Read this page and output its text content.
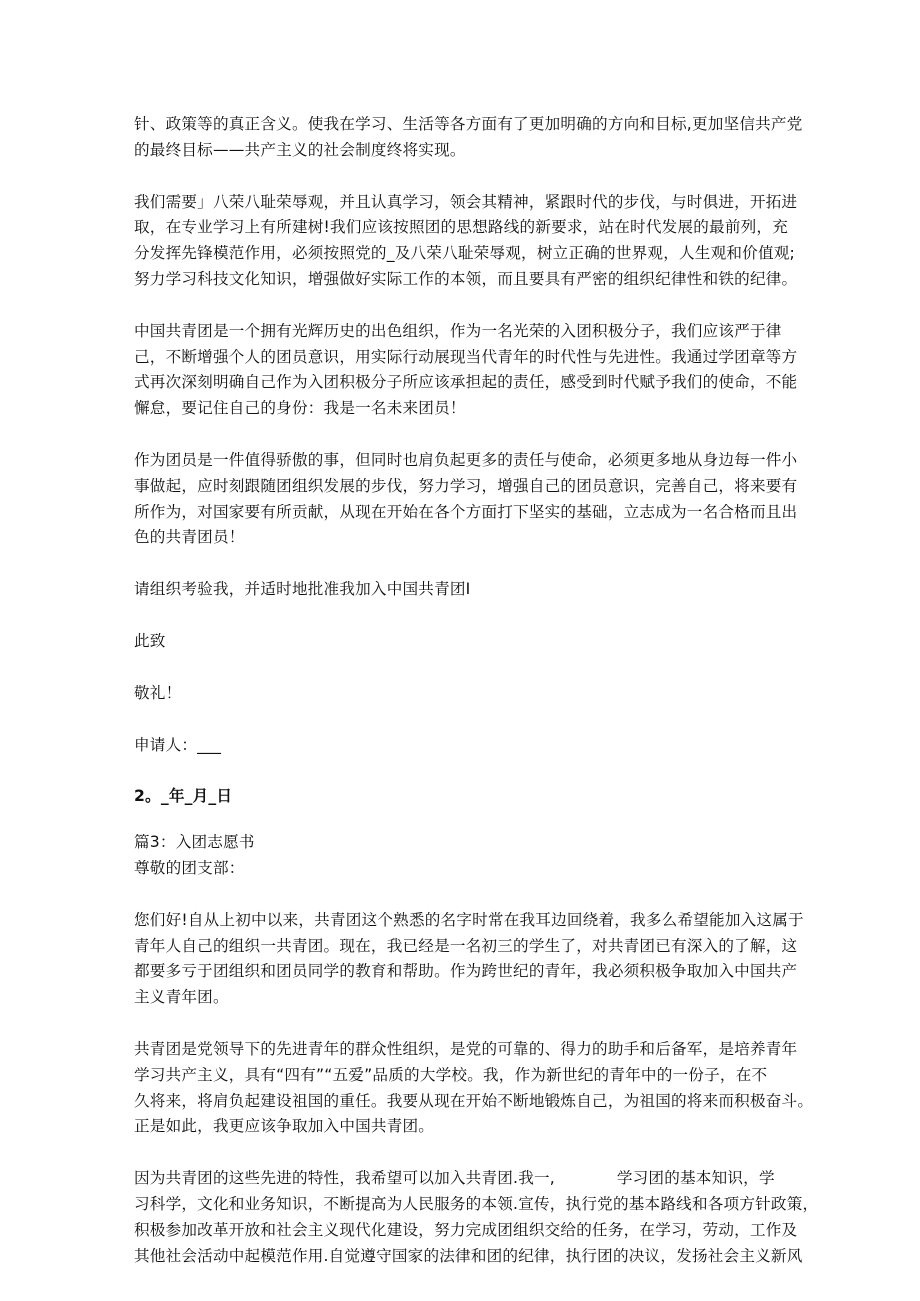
针、政策等的真正含义。使我在学习、生活等各方面有了更加明确的方向和目标,更加坚信共产党
的最终目标——共产主义的社会制度终将实现。
我们需要」八荣八耻荣辱观，并且认真学习，领会其精神，紧跟时代的步伐，与时俱进，开拓进
取，在专业学习上有所建树!我们应该按照团的思想路线的新要求，站在时代发展的最前列，充
分发挥先锋模范作用，必须按照党的_及八荣八耻荣辱观，树立正确的世界观，人生观和价值观;
努力学习科技文化知识，增强做好实际工作的本领，而且要具有严密的组织纪律性和铁的纪律。
中国共青团是一个拥有光辉历史的出色组织，作为一名光荣的入团积极分子，我们应该严于律
己，不断增强个人的团员意识，用实际行动展现当代青年的时代性与先进性。我通过学团章等方
式再次深刻明确自己作为入团积极分子所应该承担起的责任，感受到时代赋予我们的使命，不能
懈怠，要记住自己的身份：我是一名未来团员！
作为团员是一件值得骄傲的事，但同时也肩负起更多的责任与使命，必须更多地从身边每一件小
事做起，应时刻跟随团组织发展的步伐，努力学习，增强自己的团员意识，完善自己，将来要有
所作为，对国家要有所贡献，从现在开始在各个方面打下坚实的基础，立志成为一名合格而且出
色的共青团员！
请组织考验我，并适时地批准我加入中国共青团I
此致
敬礼！
申请人：___
2。_年_月_日
篇3：入团志愿书
尊敬的团支部：
您们好!自从上初中以来，共青团这个熟悉的名字时常在我耳边回绕着，我多么希望能加入这属于
青年人自己的组织一共青团。现在，我已经是一名初三的学生了，对共青团已有深入的了解，这
都要多亏于团组织和团员同学的教育和帮助。作为跨世纪的青年，我必须积极争取加入中国共产
主义青年团。
共青团是党领导下的先进青年的群众性组织，是党的可靠的、得力的助手和后备军，是培养青年
学习共产主义，具有“四有”“五爱”品质的大学校。我，作为新世纪的青年中的一份子，在不
久将来，将肩负起建设祖国的重任。我要从现在开始不断地锻炼自己，为祖国的将来而积极奋斗。
正是如此，我更应该争取加入中国共青团。
因为共青团的这些先进的特性，我希望可以加入共青团.我一,            学习团的基本知识，学
习科学，文化和业务知识，不断提高为人民服务的本领.宣传，执行党的基本路线和各项方针政策，
积极参加改革开放和社会主义现代化建设，努力完成团组织交给的任务，在学习，劳动，工作及
其他社会活动中起模范作用.自觉遵守国家的法律和团的纪律，执行团的决议，发扬社会主义新风
